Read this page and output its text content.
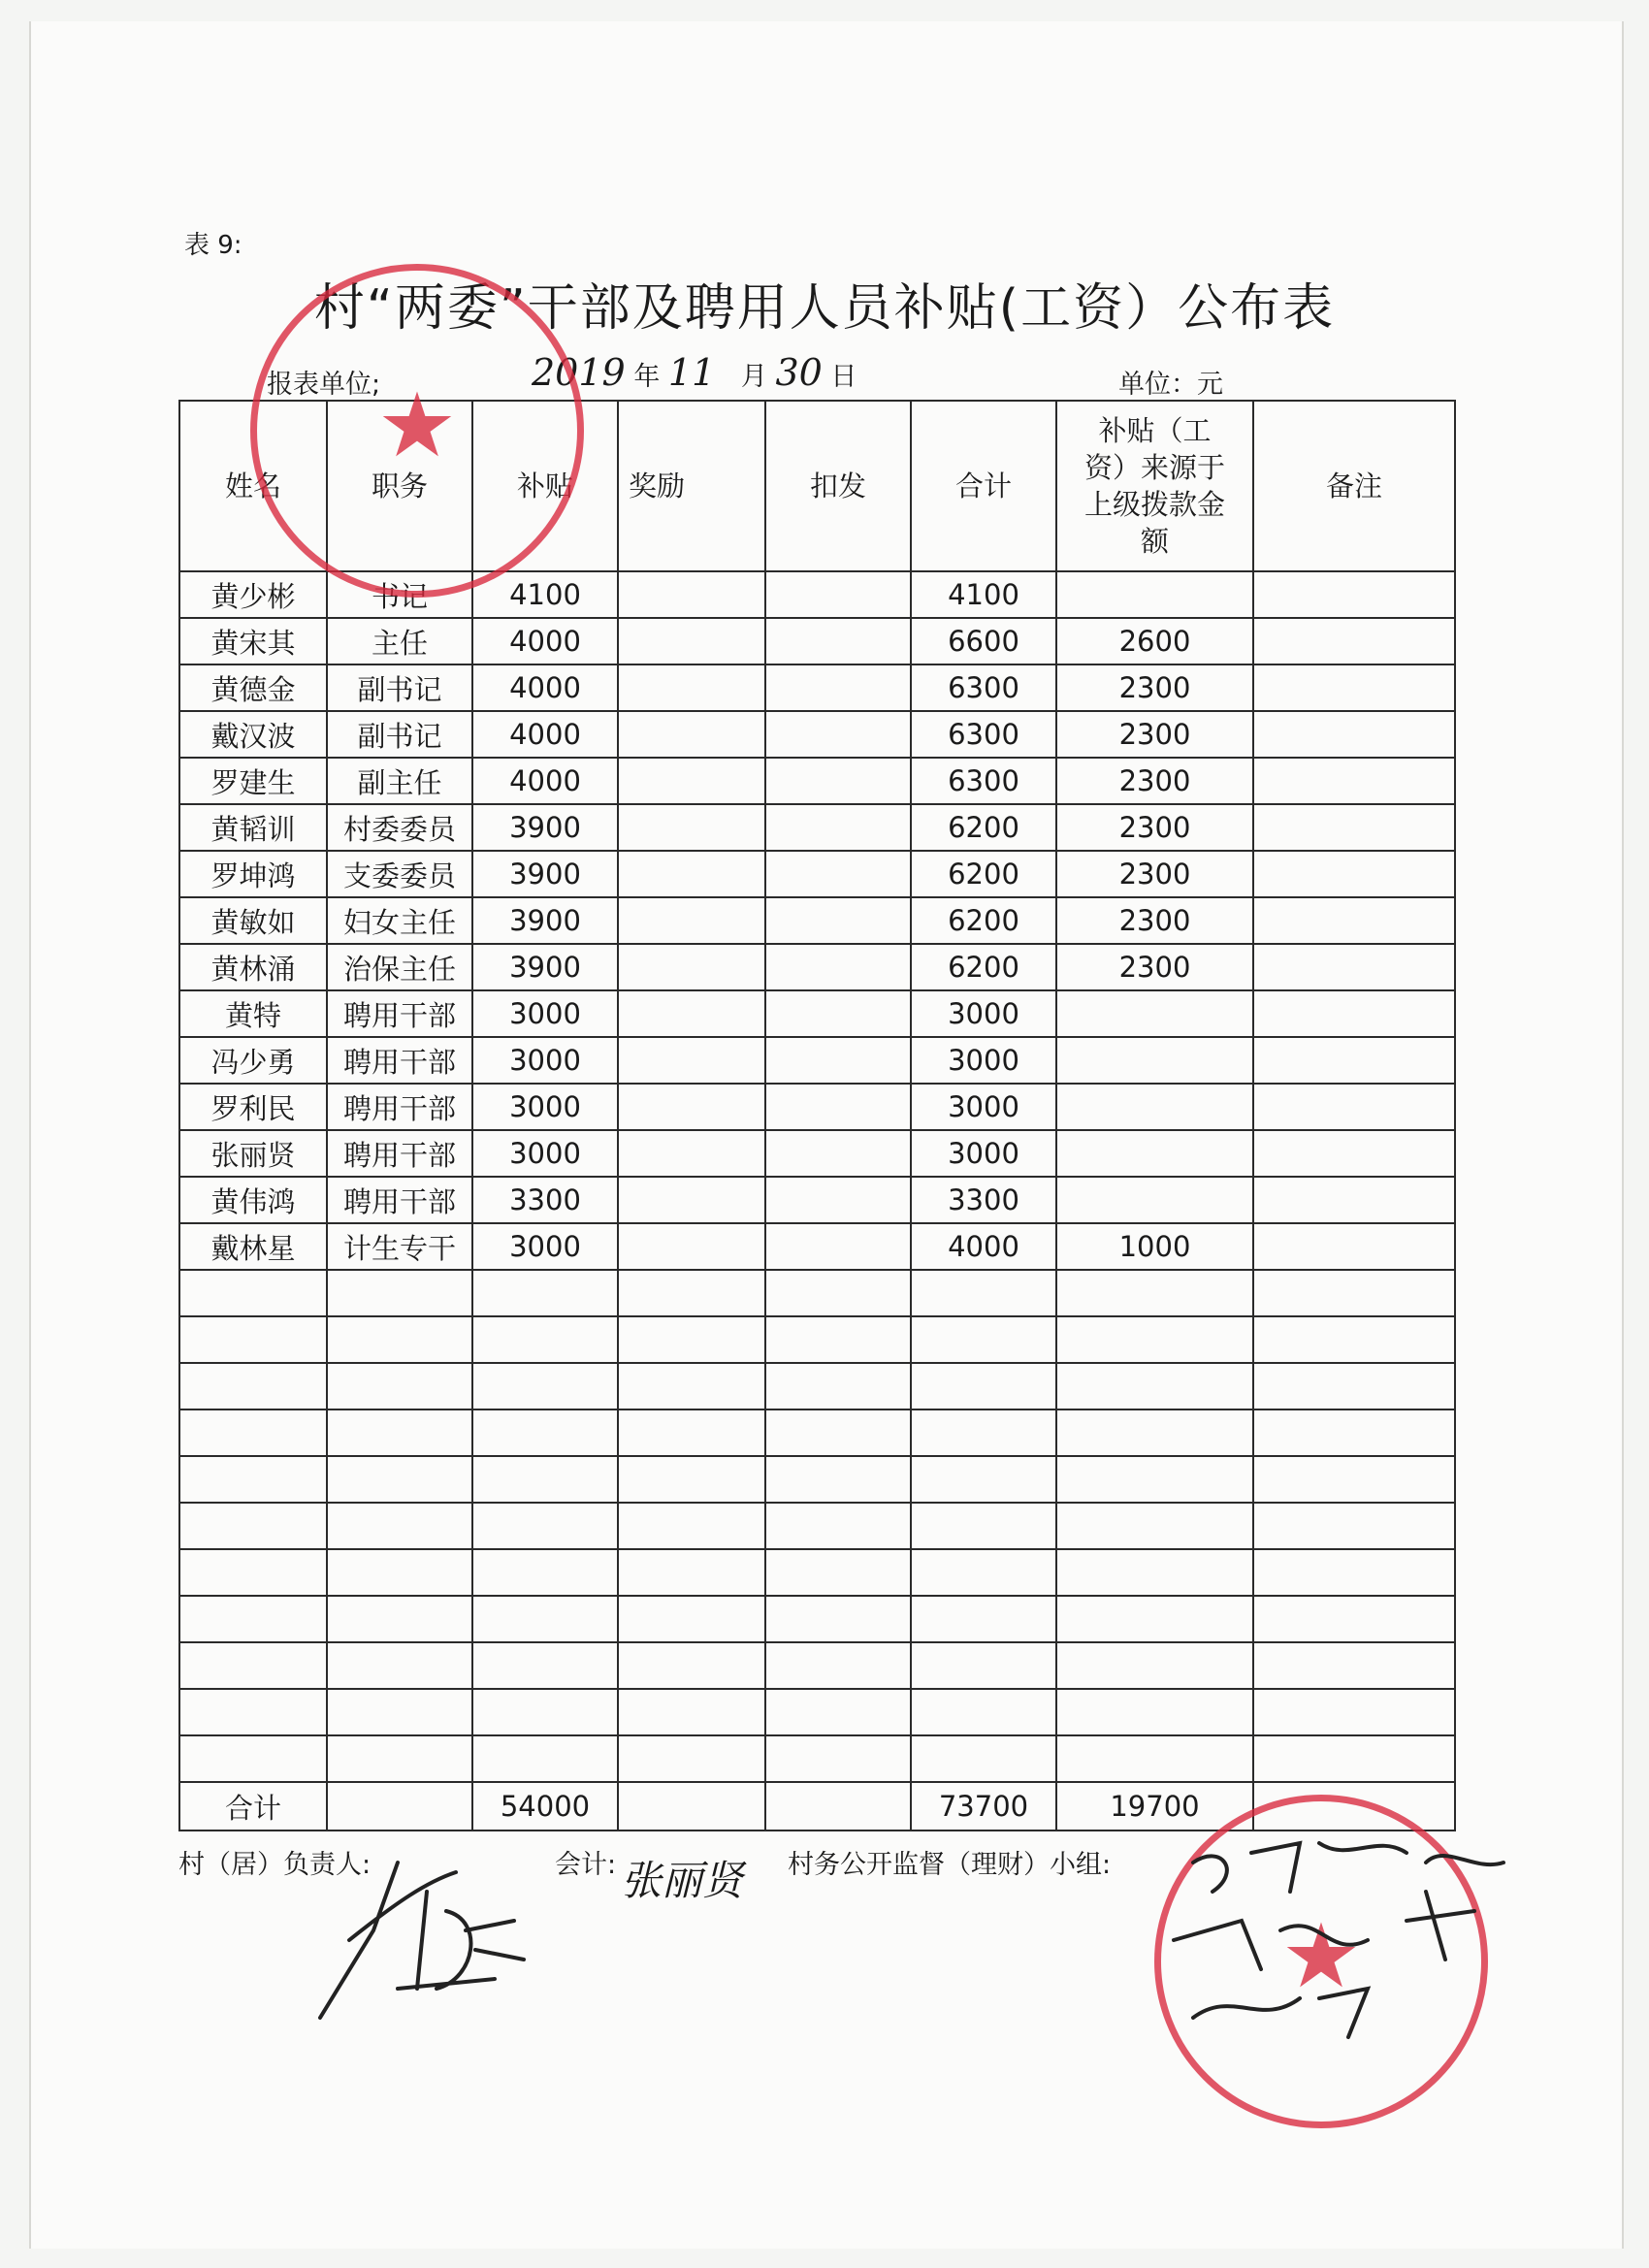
表 9:
村“两委”干部及聘用人员补贴(工资）公布表
报表单位;	2019 年 11 月 30 日	单位：元
姓名	职务	补贴	奖励	扣发	合计	补贴（工资）来源于上级拨款金额	备注
黄少彬	书记	4100			4100		
黄宋其	主任	4000			6600	2600	
黄德金	副书记	4000			6300	2300	
戴汉波	副书记	4000			6300	2300	
罗建生	副主任	4000			6300	2300	
黄韬训	村委委员	3900			6200	2300	
罗坤鸿	支委委员	3900			6200	2300	
黄敏如	妇女主任	3900			6200	2300	
黄林涌	治保主任	3900			6200	2300	
黄特	聘用干部	3000			3000		
冯少勇	聘用干部	3000			3000		
罗利民	聘用干部	3000			3000		
张丽贤	聘用干部	3000			3000		
黄伟鸿	聘用干部	3300			3300		
戴林星	计生专干	3000			4000	1000	

合计		54000			73700	19700	
村（居）负责人:	会计: 张丽贤 村务公开监督（理财）小组:
★
★
